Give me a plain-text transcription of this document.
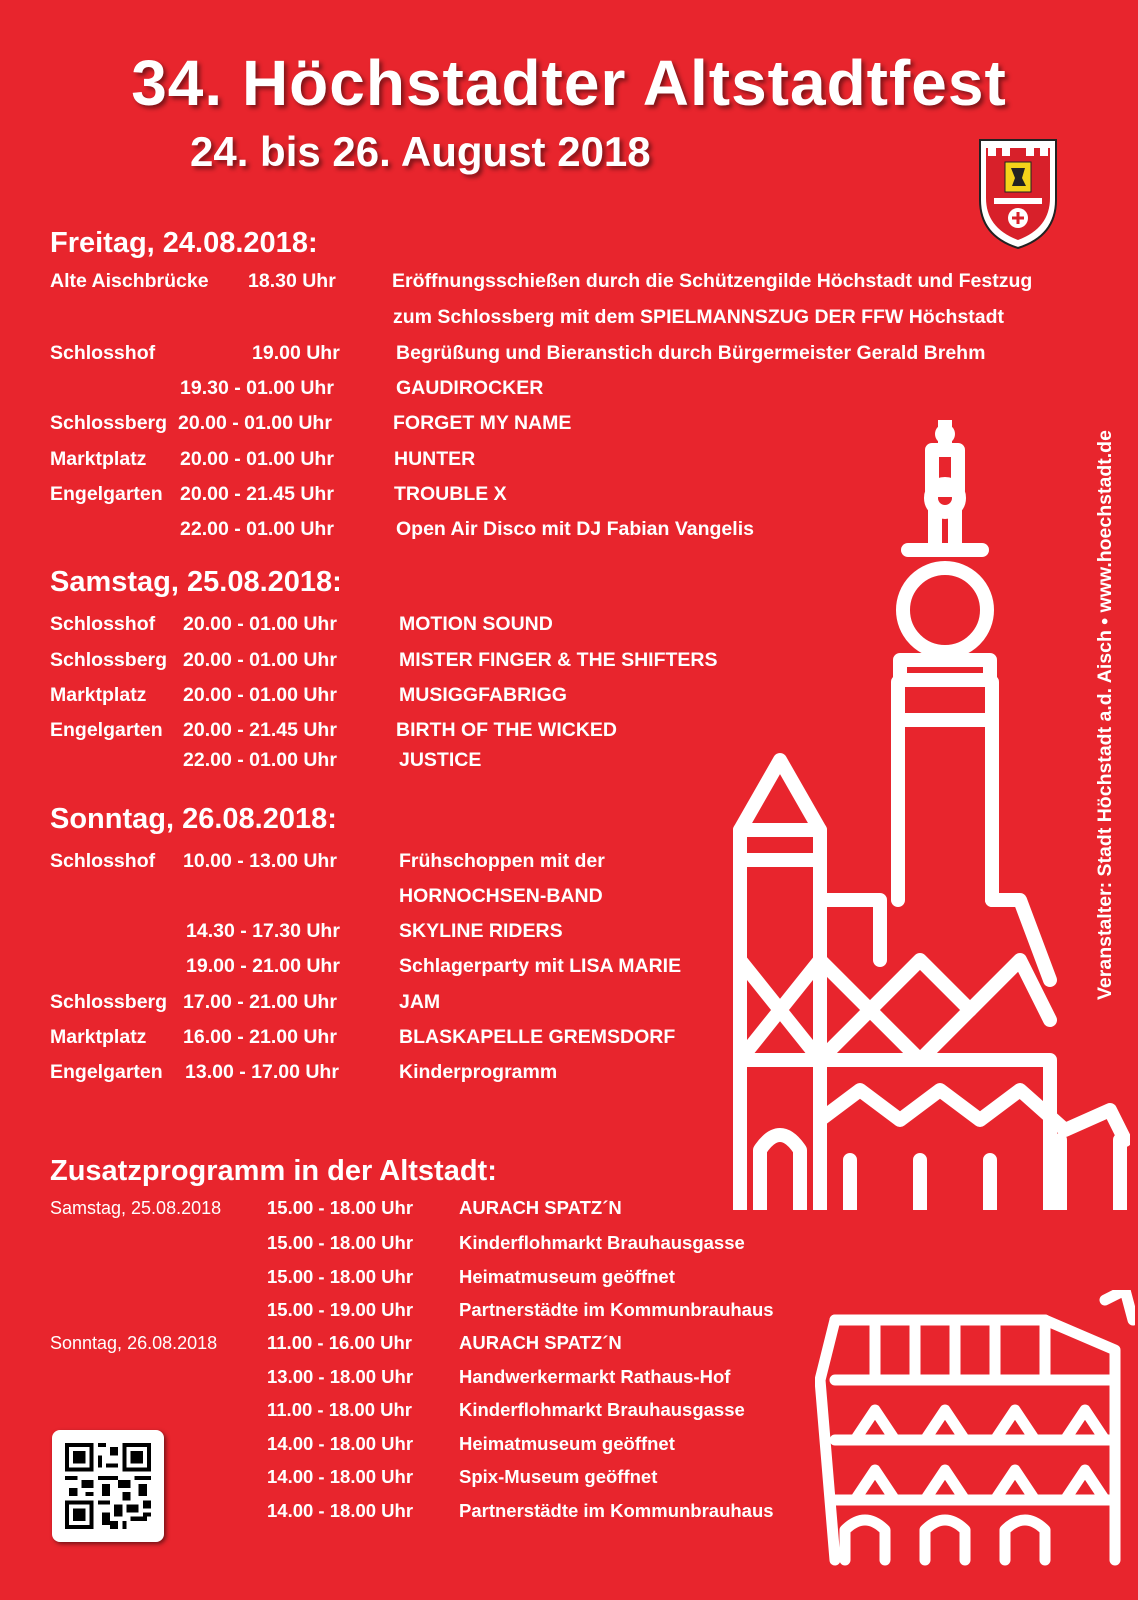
34. Höchstadter Altstadtfest
24. bis 26. August 2018
Freitag, 24.08.2018:
Alte Aischbrücke 18.30 Uhr	Eröffnungsschießen durch die Schützengilde Höchstadt und Festzug
zum Schlossberg mit dem SPIELMANNSZUG DER FFW Höchstadt
Schlosshof	19.00 Uhr	Begrüßung und Bieranstich durch Bürgermeister Gerald Brehm
19.30 - 01.00 Uhr	GAUDIROCKER
Schlossberg 20.00 - 01.00 Uhr	FORGET MY NAME
Marktplatz 20.00 - 01.00 Uhr	HUNTER
Engelgarten 20.00 - 21.45 Uhr	TROUBLE X
22.00 - 01.00 Uhr	Open Air Disco mit DJ Fabian Vangelis
Samstag, 25.08.2018:
Schlosshof 20.00 - 01.00 Uhr	MOTION SOUND
Schlossberg 20.00 - 01.00 Uhr	MISTER FINGER & THE SHIFTERS
Marktplatz 20.00 - 01.00 Uhr	MUSIGGFABRIGG
Engelgarten 20.00 - 21.45 Uhr	BIRTH OF THE WICKED
22.00 - 01.00 Uhr	JUSTICE
Sonntag, 26.08.2018:
Schlosshof 10.00 - 13.00 Uhr	Frühschoppen mit der
HORNOCHSEN-BAND
14.30 - 17.30 Uhr	SKYLINE RIDERS
19.00 - 21.00 Uhr	Schlagerparty mit LISA MARIE
Schlossberg 17.00 - 21.00 Uhr	JAM
Marktplatz 16.00 - 21.00 Uhr	BLASKAPELLE GREMSDORF
Engelgarten 13.00 - 17.00 Uhr	Kinderprogramm
Zusatzprogramm in der Altstadt:
Samstag, 25.08.2018 15.00 - 18.00 Uhr AURACH SPATZ´N
15.00 - 18.00 Uhr Kinderflohmarkt Brauhausgasse
15.00 - 18.00 Uhr Heimatmuseum geöffnet
15.00 - 19.00 Uhr Partnerstädte im Kommunbrauhaus
Sonntag, 26.08.2018	11.00 - 16.00 Uhr	AURACH SPATZ´N
13.00 - 18.00 Uhr Handwerkermarkt Rathaus-Hof
11.00 - 18.00 Uhr	Kinderflohmarkt Brauhausgasse
14.00 - 18.00 Uhr Heimatmuseum geöffnet
14.00 - 18.00 Uhr Spix-Museum geöffnet
14.00 - 18.00 Uhr Partnerstädte im Kommunbrauhaus
Veranstalter: Stadt Höchstadt a.d. Aisch • www.hoechstadt.de
